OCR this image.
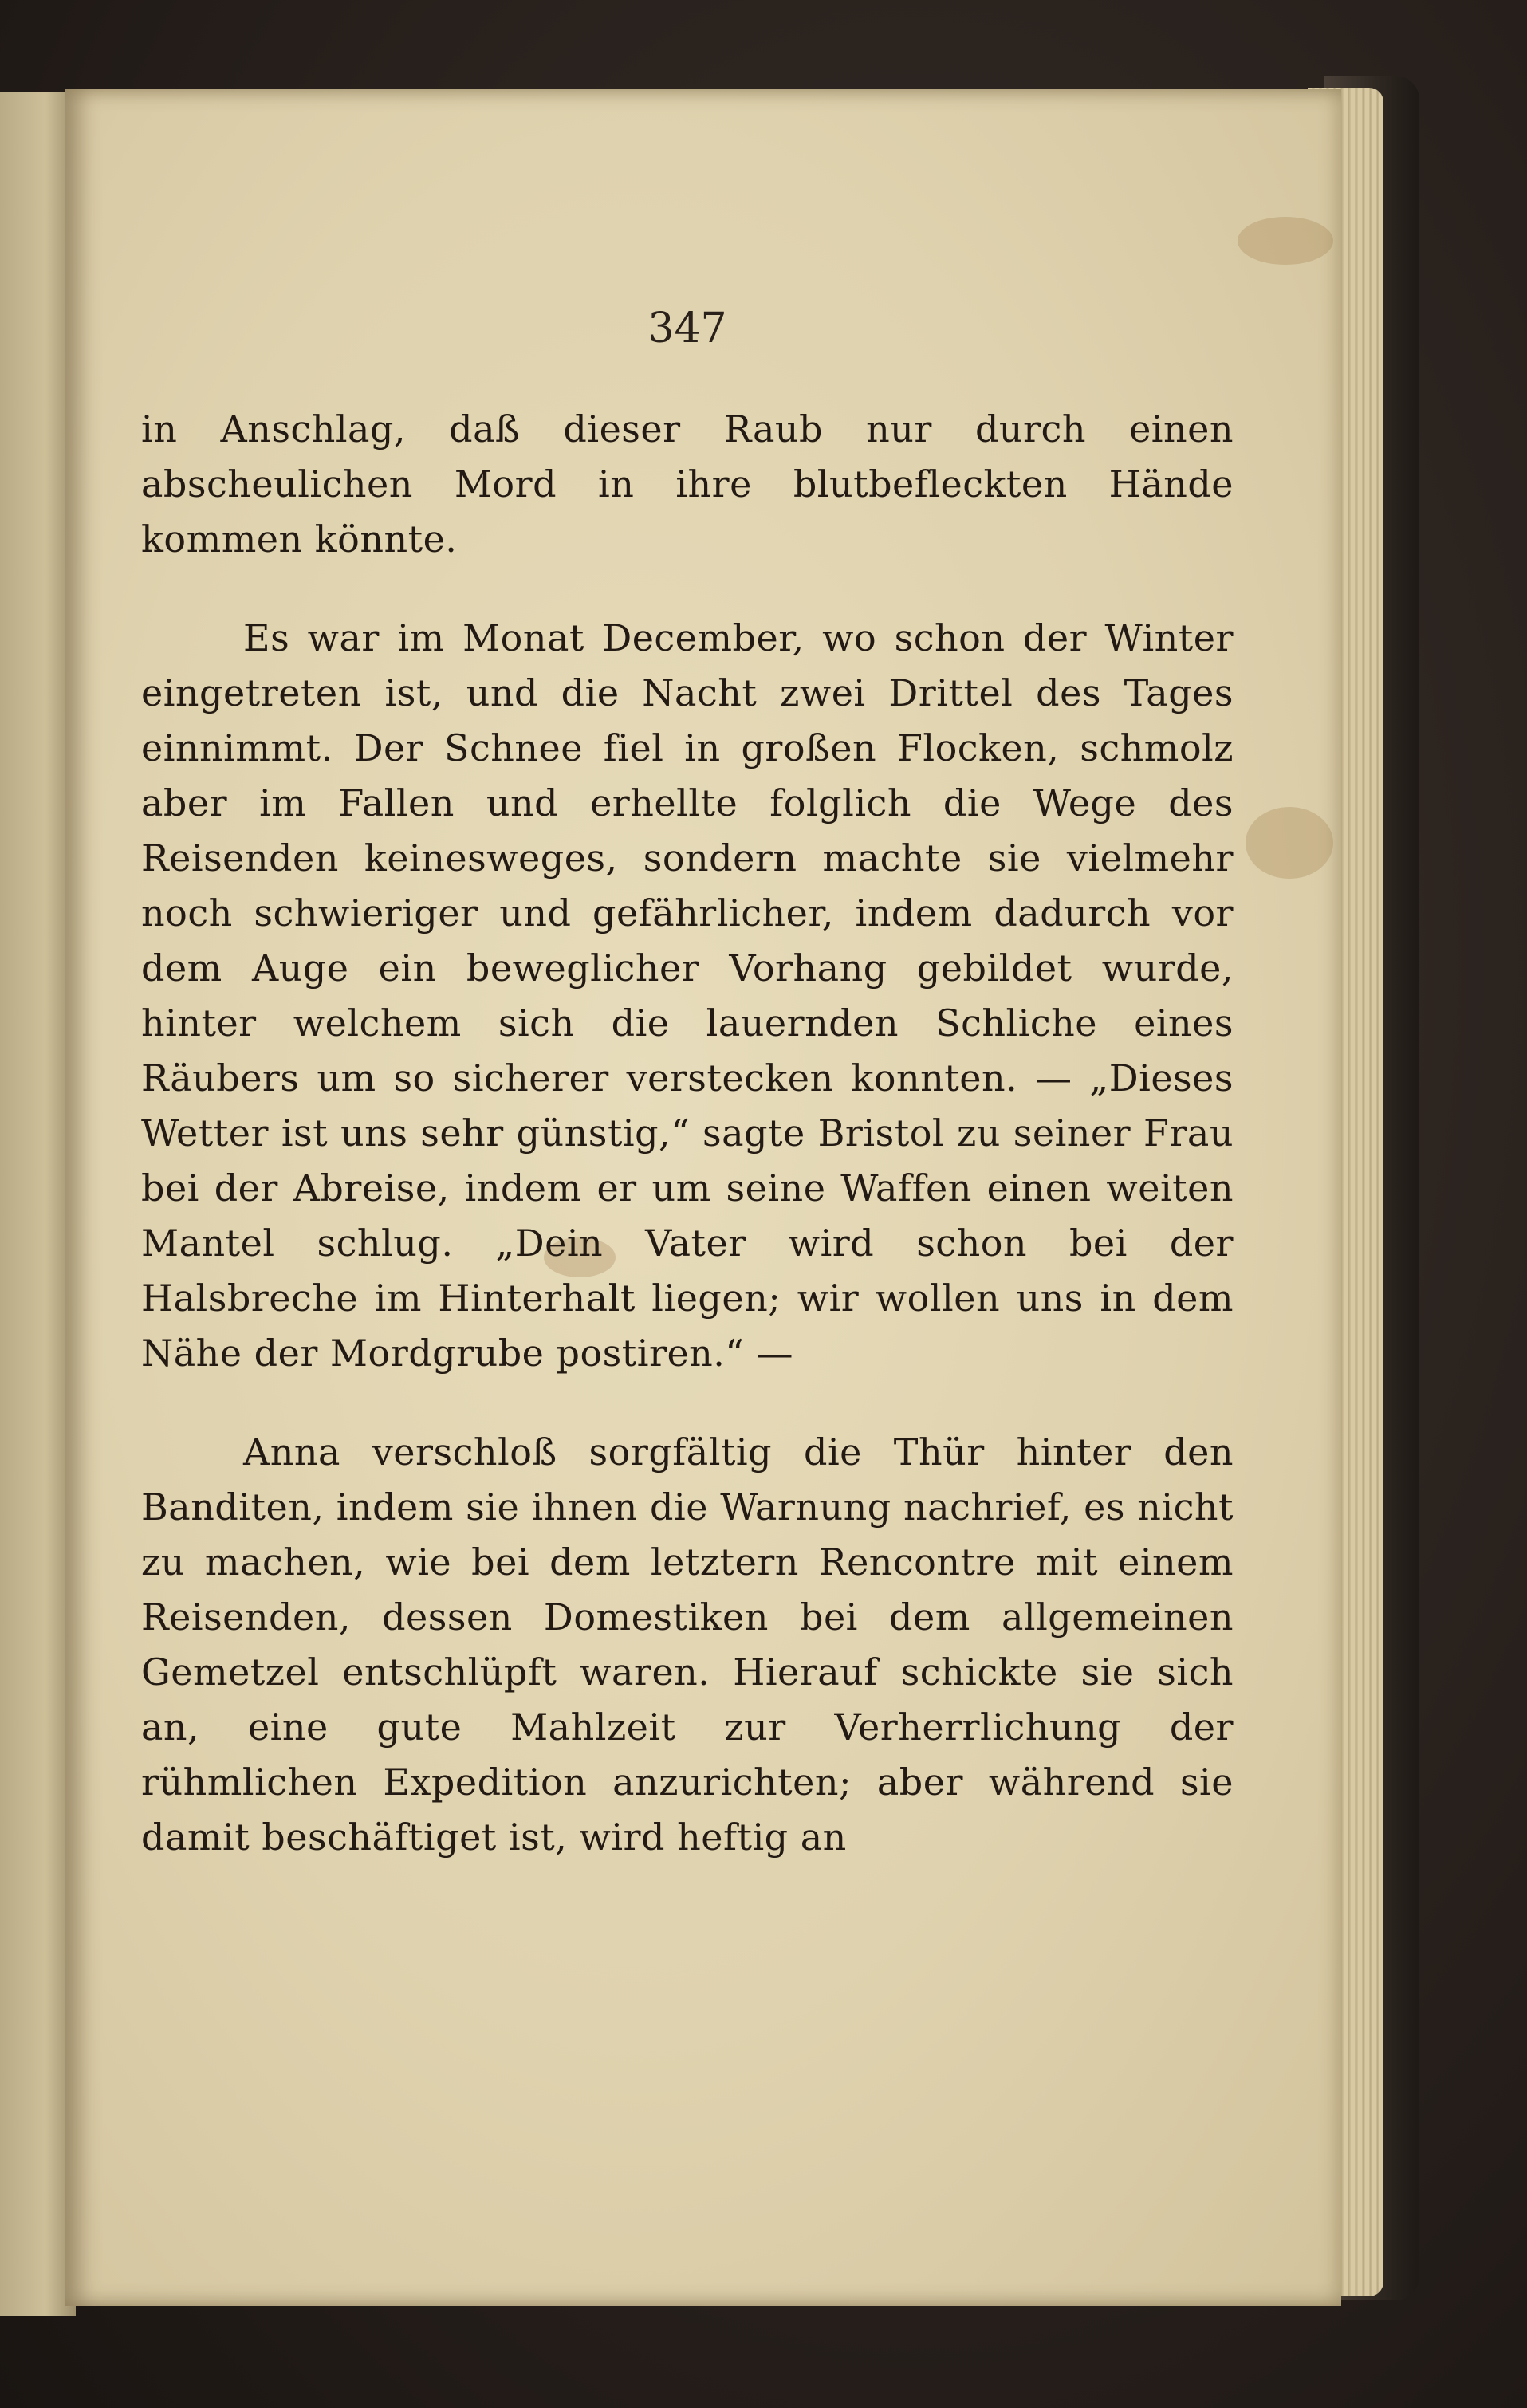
347

in Anschlag, daß dieser Raub nur durch einen abscheulichen Mord in ihre blutbefleckten Hände kommen könnte.

Es war im Monat December, wo schon der Winter eingetreten ist, und die Nacht zwei Drittel des Tages einnimmt. Der Schnee fiel in großen Flocken, schmolz aber im Fallen und erhellte folglich die Wege des Reisenden keinesweges, sondern machte sie vielmehr noch schwieriger und gefährlicher, indem dadurch vor dem Auge ein beweglicher Vorhang gebildet wurde, hinter welchem sich die lauernden Schliche eines Räubers um so sicherer verstecken konnten. — „Dieses Wetter ist uns sehr günstig,“ sagte Bristol zu seiner Frau bei der Abreise, indem er um seine Waffen einen weiten Mantel schlug. „Dein Vater wird schon bei der Halsbreche im Hinterhalt liegen; wir wollen uns in dem Nähe der Mordgrube postiren.“ —

Anna verschloß sorgfältig die Thür hinter den Banditen, indem sie ihnen die Warnung nachrief, es nicht zu machen, wie bei dem letztern Rencontre mit einem Reisenden, dessen Domestiken bei dem allgemeinen Gemetzel entschlüpft waren. Hierauf schickte sie sich an, eine gute Mahlzeit zur Verherrlichung der rühmlichen Expedition anzurichten; aber während sie damit beschäftiget ist, wird heftig an
